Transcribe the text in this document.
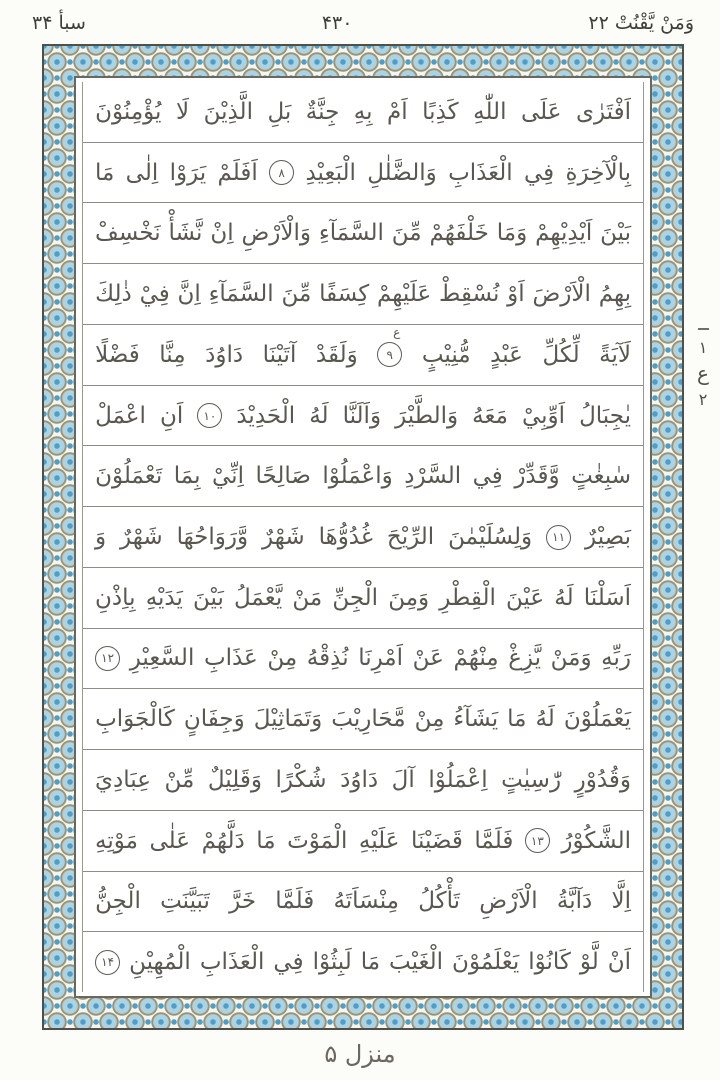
وَمَنْ يَّقْنُتْ ۲۲
۴۳۰
سبأ ۳۴
اَفْتَرٰى
عَلَى
اللّٰهِ
كَذِبًا
اَمْ
بِهِ
جِنَّةٌ
بَلِ
الَّذِيْنَ
لَا
يُؤْمِنُوْنَ
بِالْآخِرَةِ
فِي
الْعَذَابِ
وَالضَّلٰلِ
الْبَعِيْدِ
۸
اَفَلَمْ
يَرَوْا
اِلٰى
مَا
بَيْنَ
اَيْدِيْهِمْ
وَمَا
خَلْفَهُمْ
مِّنَ
السَّمَآءِ
وَالْاَرْضِ
اِنْ
نَّشَأْ
نَخْسِفْ
بِهِمُ
الْاَرْضَ
اَوْ
نُسْقِطْ
عَلَيْهِمْ
كِسَفًا
مِّنَ
السَّمَآءِ
اِنَّ
فِيْ
ذٰلِكَ
لَآيَةً
لِّكُلِّ
عَبْدٍ
مُّنِيْبٍ
۹
ع
وَلَقَدْ
آتَيْنَا
دَاوُدَ
مِنَّا
فَضْلًا
يٰجِبَالُ
اَوِّبِيْ
مَعَهُ
وَالطَّيْرَ
وَاَلَنَّا
لَهُ
الْحَدِيْدَ
۱۰
اَنِ
اعْمَلْ
سٰبِغٰتٍ
وَّقَدِّرْ
فِي
السَّرْدِ
وَاعْمَلُوْا
صَالِحًا
اِنِّيْ
بِمَا
تَعْمَلُوْنَ
بَصِيْرٌ
۱۱
وَلِسُلَيْمٰنَ
الرِّيْحَ
غُدُوُّهَا
شَهْرٌ
وَّرَوَاحُهَا
شَهْرٌ
وَ
اَسَلْنَا
لَهُ
عَيْنَ
الْقِطْرِ
وَمِنَ
الْجِنِّ
مَنْ
يَّعْمَلُ
بَيْنَ
يَدَيْهِ
بِاِذْنِ
رَبِّهِ
وَمَنْ
يَّزِغْ
مِنْهُمْ
عَنْ
اَمْرِنَا
نُذِقْهُ
مِنْ
عَذَابِ
السَّعِيْرِ
۱۲
يَعْمَلُوْنَ
لَهُ
مَا
يَشَآءُ
مِنْ
مَّحَارِيْبَ
وَتَمَاثِيْلَ
وَجِفَانٍ
كَالْجَوَابِ
وَقُدُوْرٍ
رّٰسِيٰتٍ
اِعْمَلُوْا
آلَ
دَاوُدَ
شُكْرًا
وَقَلِيْلٌ
مِّنْ
عِبَادِيَ
الشَّكُوْرُ
۱۳
فَلَمَّا
قَضَيْنَا
عَلَيْهِ
الْمَوْتَ
مَا
دَلَّهُمْ
عَلٰى
مَوْتِهِ
اِلَّا
دَآبَّةُ
الْاَرْضِ
تَأْكُلُ
مِنْسَاَتَهُ
فَلَمَّا
خَرَّ
تَبَيَّنَتِ
الْجِنُّ
اَنْ
لَّوْ
كَانُوْا
يَعْلَمُوْنَ
الْغَيْبَ
مَا
لَبِثُوْا
فِي
الْعَذَابِ
الْمُهِيْنِ
۱۴
۱
ع
۲
منزل ۵
